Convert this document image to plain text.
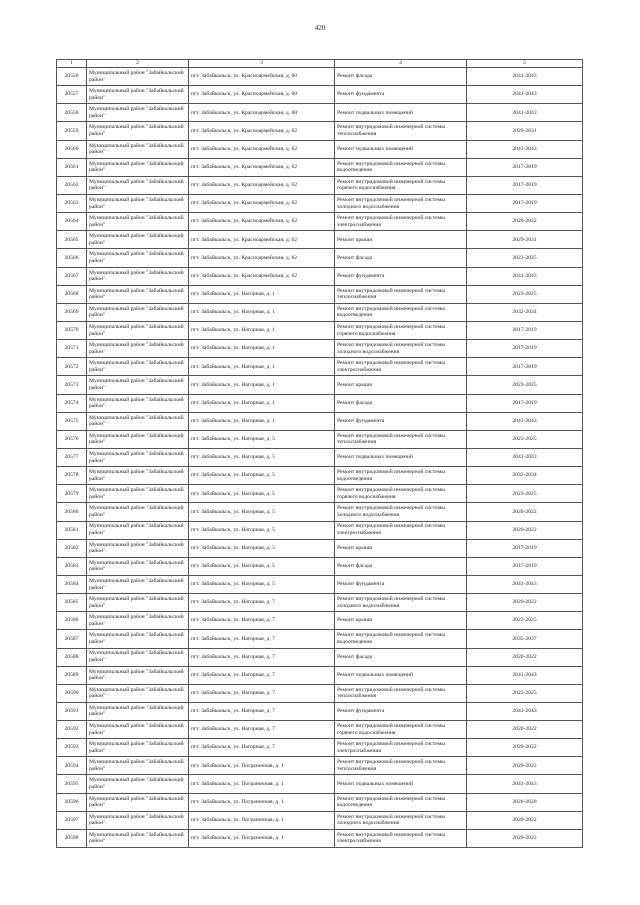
420
1	2	3	4	5
20556	Муниципальный район "Забайкальский район"	пгт. Забайкальск, ул. Красноармейская, д. 60	Ремонт фасада	2041-2043
20557	Муниципальный район "Забайкальский район"	пгт. Забайкальск, ул. Красноармейская, д. 60	Ремонт фундамента	2041-2043
20558	Муниципальный район "Забайкальский район"	пгт. Забайкальск, ул. Красноармейская, д. 60	Ремонт подвальных помещений	2041-2043
20559	Муниципальный район "Забайкальский район"	пгт. Забайкальск, ул. Красноармейская, д. 62	Ремонт внутридомовой инженерной системы теплоснабжения	2029-2031
20560	Муниципальный район "Забайкальский район"	пгт. Забайкальск, ул. Красноармейская, д. 62	Ремонт подвальных помещений	2041-2043
20561	Муниципальный район "Забайкальский район"	пгт. Забайкальск, ул. Красноармейская, д. 62	Ремонт внутридомовой инженерной системы водоотведения	2017-2019
20562	Муниципальный район "Забайкальский район"	пгт. Забайкальск, ул. Красноармейская, д. 62	Ремонт внутридомовой инженерной системы горячего водоснабжения	2017-2019
20563	Муниципальный район "Забайкальский район"	пгт. Забайкальск, ул. Красноармейская, д. 62	Ремонт внутридомовой инженерной системы холодного водоснабжения	2017-2019
20564	Муниципальный район "Забайкальский район"	пгт. Забайкальск, ул. Красноармейская, д. 62	Ремонт внутридомовой инженерной системы электроснабжения	2020-2022
20565	Муниципальный район "Забайкальский район"	пгт. Забайкальск, ул. Красноармейская, д. 62	Ремонт крыши	2029-2031
20566	Муниципальный район "Забайкальский район"	пгт. Забайкальск, ул. Красноармейская, д. 62	Ремонт фасада	2023-2025
20567	Муниципальный район "Забайкальский район"	пгт. Забайкальск, ул. Красноармейская, д. 62	Ремонт фундамента	2041-2043
20568	Муниципальный район "Забайкальский район"	пгт. Забайкальск, ул. Нагорная, д. 1	Ремонт внутридомовой инженерной системы теплоснабжения	2023-2025
20569	Муниципальный район "Забайкальский район"	пгт. Забайкальск, ул. Нагорная, д. 1	Ремонт внутридомовой инженерной системы водоотведения	2032-2034
20570	Муниципальный район "Забайкальский район"	пгт. Забайкальск, ул. Нагорная, д. 1	Ремонт внутридомовой инженерной системы горячего водоснабжения	2017-2019
20571	Муниципальный район "Забайкальский район"	пгт. Забайкальск, ул. Нагорная, д. 1	Ремонт внутридомовой инженерной системы холодного водоснабжения	2017-2019
20572	Муниципальный район "Забайкальский район"	пгт. Забайкальск, ул. Нагорная, д. 1	Ремонт внутридомовой инженерной системы электроснабжения	2017-2019
20573	Муниципальный район "Забайкальский район"	пгт. Забайкальск, ул. Нагорная, д. 1	Ремонт крыши	2023-2025
20574	Муниципальный район "Забайкальский район"	пгт. Забайкальск, ул. Нагорная, д. 1	Ремонт фасада	2017-2019
20575	Муниципальный район "Забайкальский район"	пгт. Забайкальск, ул. Нагорная, д. 1	Ремонт фундамента	2041-2043
20576	Муниципальный район "Забайкальский район"	пгт. Забайкальск, ул. Нагорная, д. 5	Ремонт внутридомовой инженерной системы теплоснабжения	2023-2025
20577	Муниципальный район "Забайкальский район"	пгт. Забайкальск, ул. Нагорная, д. 5	Ремонт подвальных помещений	2041-2043
20578	Муниципальный район "Забайкальский район"	пгт. Забайкальск, ул. Нагорная, д. 5	Ремонт внутридомовой инженерной системы водоотведения	2032-2034
20579	Муниципальный район "Забайкальский район"	пгт. Забайкальск, ул. Нагорная, д. 5	Ремонт внутридомовой инженерной системы горячего водоснабжения	2023-2025
20580	Муниципальный район "Забайкальский район"	пгт. Забайкальск, ул. Нагорная, д. 5	Ремонт внутридомовой инженерной системы холодного водоснабжения	2020-2022
20581	Муниципальный район "Забайкальский район"	пгт. Забайкальск, ул. Нагорная, д. 5	Ремонт внутридомовой инженерной системы электроснабжения	2020-2022
20582	Муниципальный район "Забайкальский район"	пгт. Забайкальск, ул. Нагорная, д. 5	Ремонт крыши	2017-2019
20583	Муниципальный район "Забайкальский район"	пгт. Забайкальск, ул. Нагорная, д. 5	Ремонт фасада	2017-2019
20584	Муниципальный район "Забайкальский район"	пгт. Забайкальск, ул. Нагорная, д. 5	Ремонт фундамента	2041-2043
20585	Муниципальный район "Забайкальский район"	пгт. Забайкальск, ул. Нагорная, д. 7	Ремонт внутридомовой инженерной системы холодного водоснабжения	2020-2022
20586	Муниципальный район "Забайкальский район"	пгт. Забайкальск, ул. Нагорная, д. 7	Ремонт крыши	2023-2025
20587	Муниципальный район "Забайкальский район"	пгт. Забайкальск, ул. Нагорная, д. 7	Ремонт внутридомовой инженерной системы водоотведения	2035-2037
20588	Муниципальный район "Забайкальский район"	пгт. Забайкальск, ул. Нагорная, д. 7	Ремонт фасада	2020-2022
20589	Муниципальный район "Забайкальский район"	пгт. Забайкальск, ул. Нагорная, д. 7	Ремонт подвальных помещений	2041-2043
20590	Муниципальный район "Забайкальский район"	пгт. Забайкальск, ул. Нагорная, д. 7	Ремонт внутридомовой инженерной системы теплоснабжения	2023-2025
20591	Муниципальный район "Забайкальский район"	пгт. Забайкальск, ул. Нагорная, д. 7	Ремонт фундамента	2041-2043
20592	Муниципальный район "Забайкальский район"	пгт. Забайкальск, ул. Нагорная, д. 7	Ремонт внутридомовой инженерной системы горячего водоснабжения	2020-2022
20593	Муниципальный район "Забайкальский район"	пгт. Забайкальск, ул. Нагорная, д. 7	Ремонт внутридомовой инженерной системы электроснабжения	2020-2022
20594	Муниципальный район "Забайкальский район"	пгт. Забайкальск, ул. Пограничная, д. 1	Ремонт внутридомовой инженерной системы теплоснабжения	2020-2022
20595	Муниципальный район "Забайкальский район"	пгт. Забайкальск, ул. Пограничная, д. 1	Ремонт подвальных помещений	2041-2043
20596	Муниципальный район "Забайкальский район"	пгт. Забайкальск, ул. Пограничная, д. 1	Ремонт внутридомовой инженерной системы водоотведения	2026-2028
20597	Муниципальный район "Забайкальский район"	пгт. Забайкальск, ул. Пограничная, д. 1	Ремонт внутридомовой инженерной системы холодного водоснабжения	2020-2022
20598	Муниципальный район "Забайкальский район"	пгт. Забайкальск, ул. Пограничная, д. 1	Ремонт внутридомовой инженерной системы электроснабжения	2020-2022
